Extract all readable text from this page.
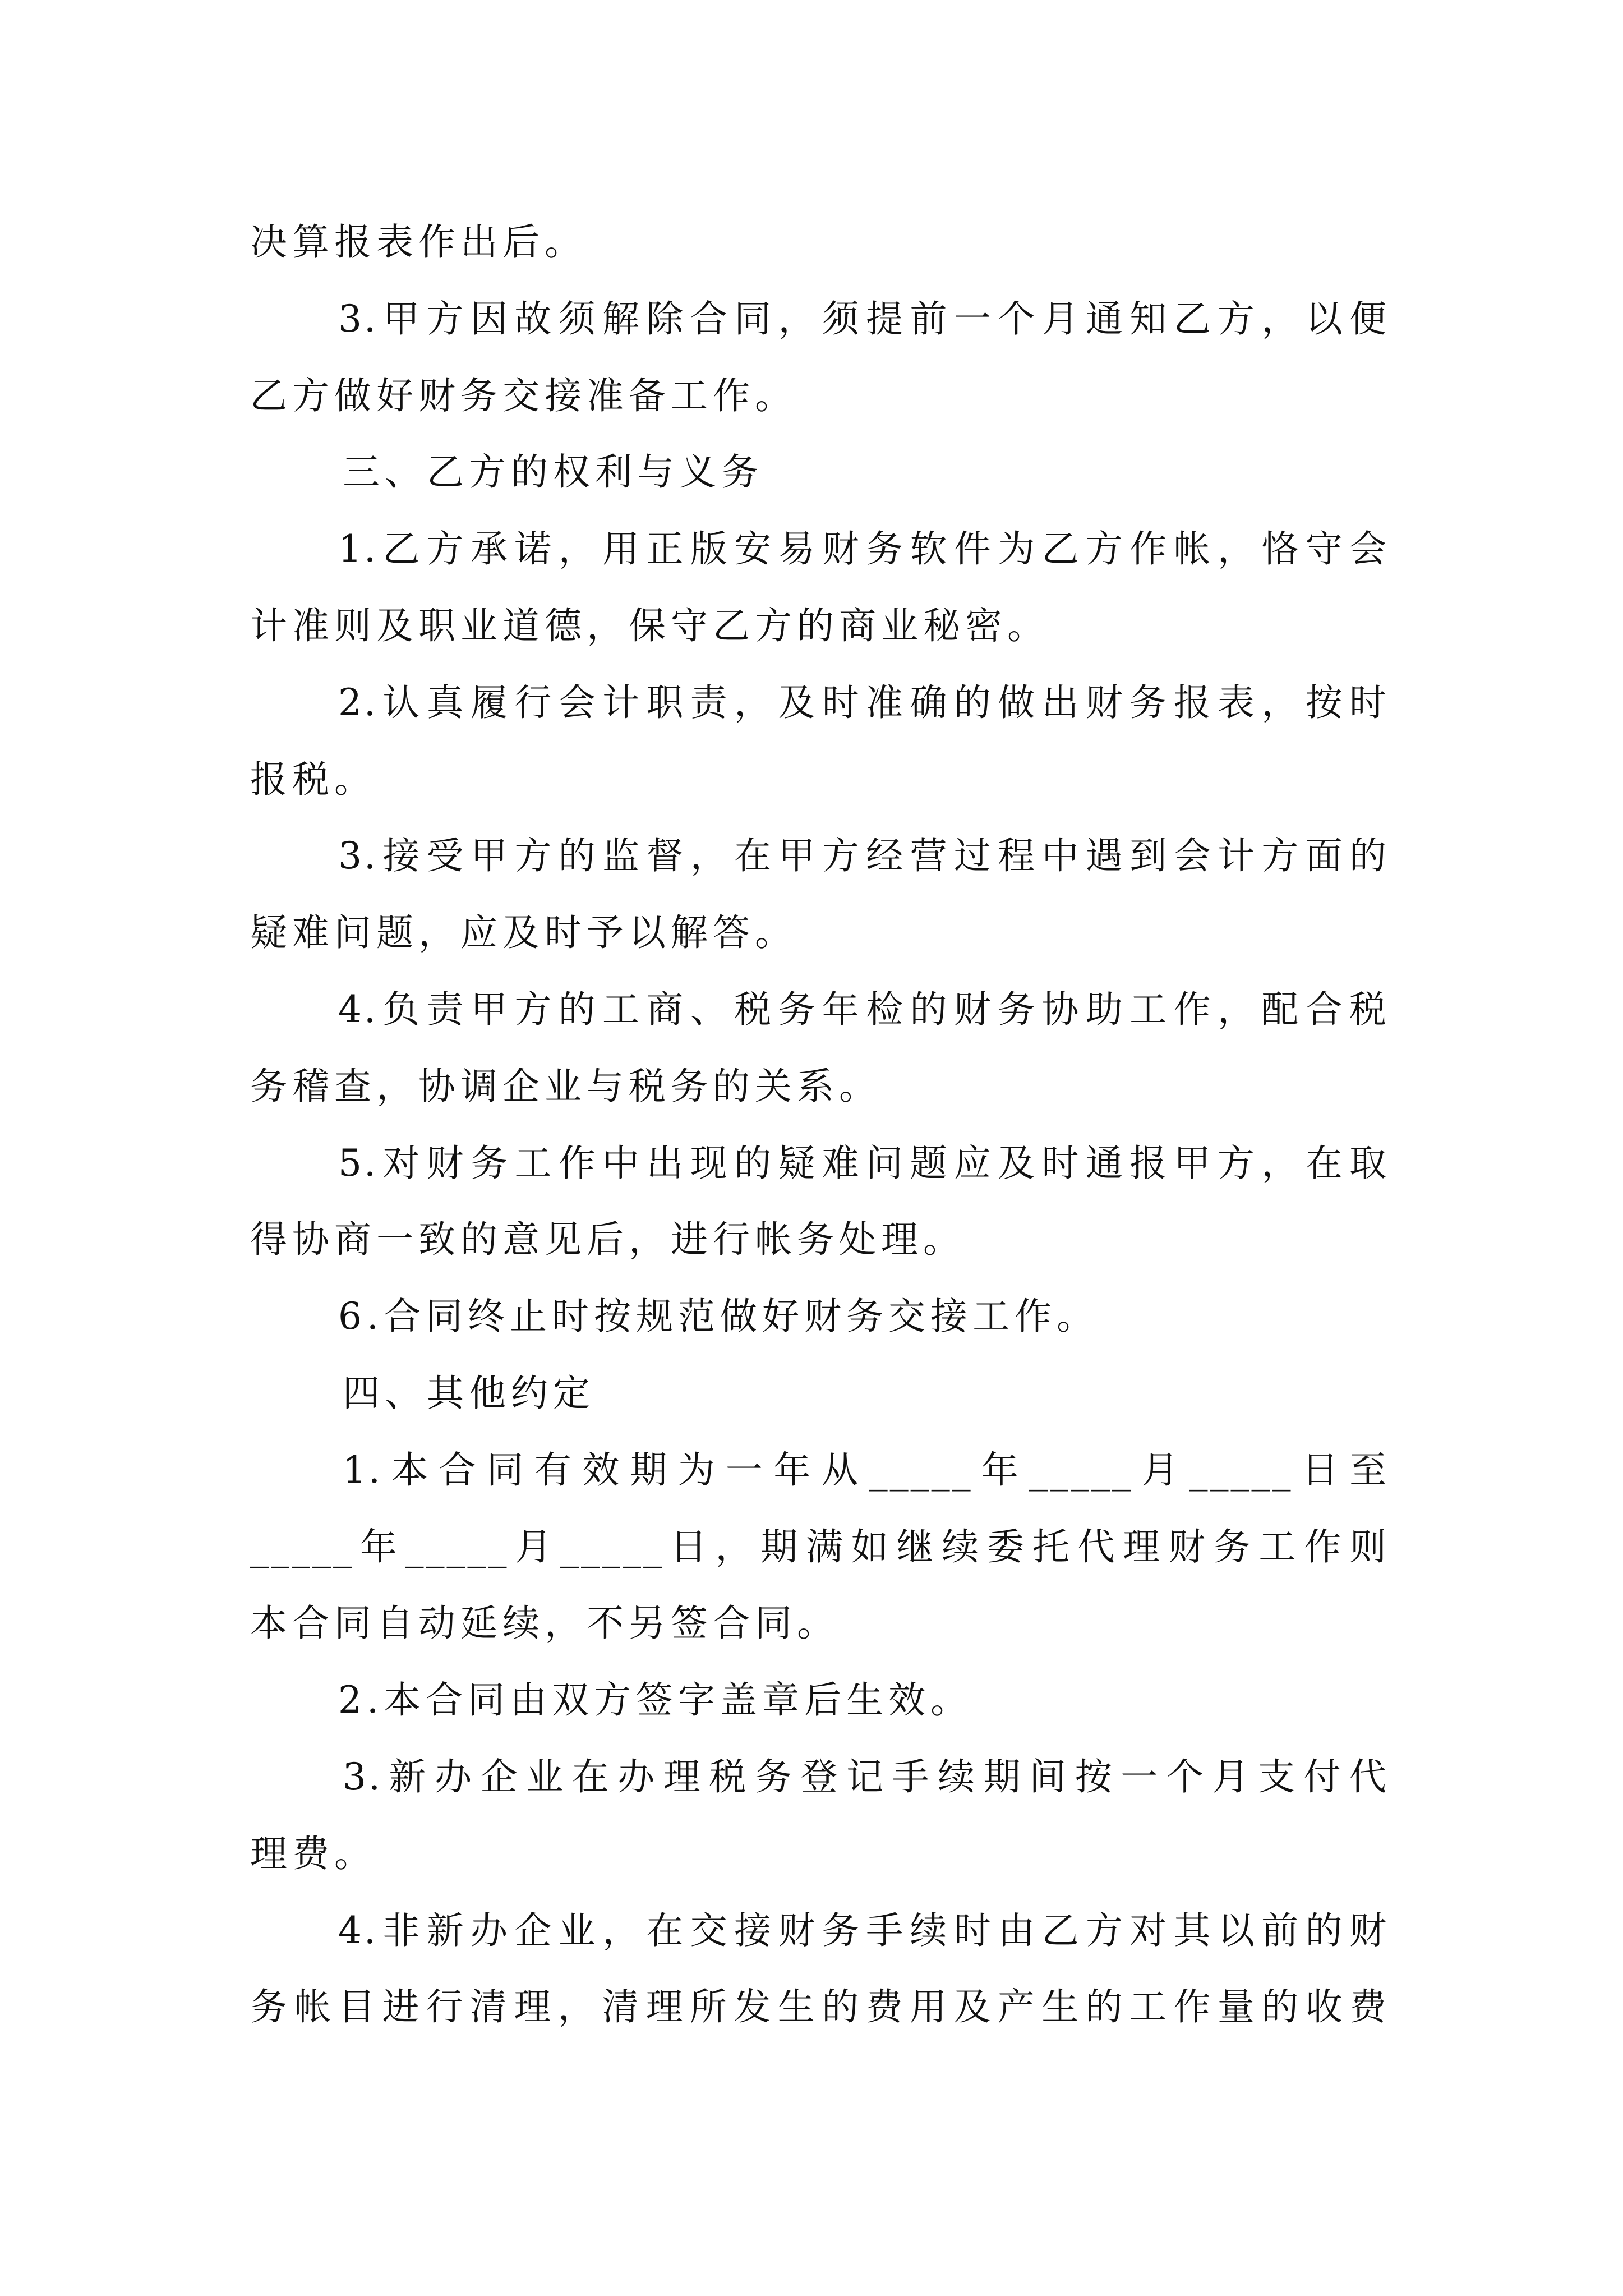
决算报表作出后。
3.甲方因故须解除合同，须提前一个月通知乙方，以便
乙方做好财务交接准备工作。
三、乙方的权利与义务
1.乙方承诺，用正版安易财务软件为乙方作帐，恪守会
计准则及职业道德，保守乙方的商业秘密。
2.认真履行会计职责，及时准确的做出财务报表，按时
报税。
3.接受甲方的监督，在甲方经营过程中遇到会计方面的
疑难问题，应及时予以解答。
4.负责甲方的工商、税务年检的财务协助工作，配合税
务稽查，协调企业与税务的关系。
5.对财务工作中出现的疑难问题应及时通报甲方，在取
得协商一致的意见后，进行帐务处理。
6.合同终止时按规范做好财务交接工作。
四、其他约定
1.本合同有效期为一年从_____年_____月_____日至
_____年_____月_____日，期满如继续委托代理财务工作则
本合同自动延续，不另签合同。
2.本合同由双方签字盖章后生效。
3.新办企业在办理税务登记手续期间按一个月支付代
理费。
4.非新办企业，在交接财务手续时由乙方对其以前的财
务帐目进行清理，清理所发生的费用及产生的工作量的收费
